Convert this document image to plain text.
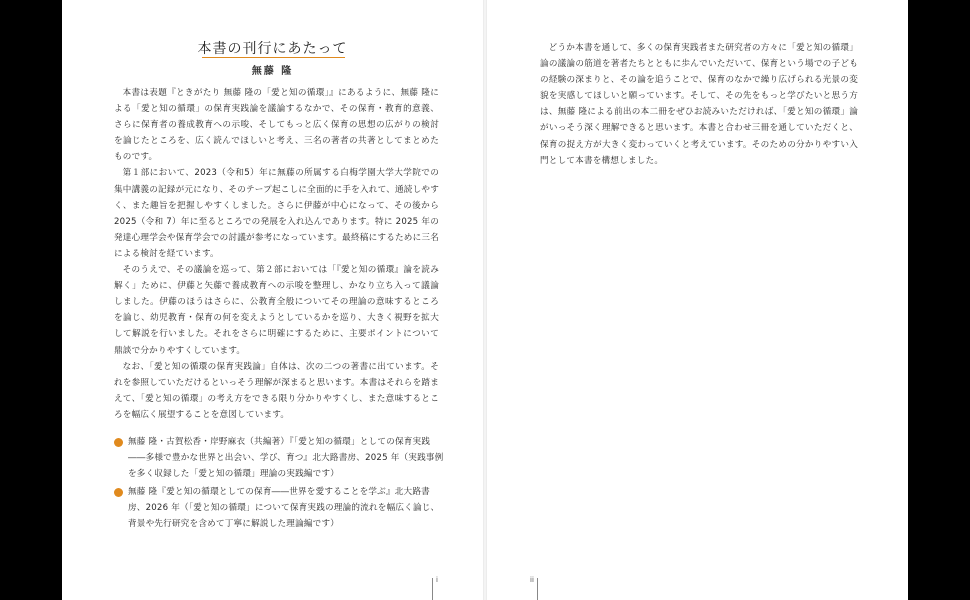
本書の刊行にあたって
無藤 隆

本書は表題『ときがたり 無藤 隆の「愛と知の循環」』にあるように、無藤 隆による「愛と知の循環」の保育実践論を議論するなかで、その保育・教育的意義、さらに保育者の養成教育への示唆、そしてもっと広く保育の思想の広がりの検討を論じたところを、広く読んでほしいと考え、三名の著者の共著としてまとめたものです。

第１部において、2023（令和5）年に無藤の所属する白梅学園大学大学院での集中講義の記録が元になり、そのテープ起こしに全面的に手を入れて、通読しやすく、また趣旨を把握しやすくしました。さらに伊藤が中心になって、その後から 2025（令和 7）年に至るところでの発展を入れ込んであります。特に 2025 年の発達心理学会や保育学会での討議が参考になっています。最終稿にするために三名による検討を経ています。

そのうえで、その議論を巡って、第２部においては「『愛と知の循環』論を読み解く」ために、伊藤と矢藤で養成教育への示唆を整理し、かなり立ち入って議論しました。伊藤のほうはさらに、公教育全般についてその理論の意味するところを論じ、幼児教育・保育の何を変えようとしているかを巡り、大きく視野を拡大して解説を行いました。それをさらに明確にするために、主要ポイントについて鼎談で分かりやすくしています。

なお、「愛と知の循環の保育実践論」自体は、次の二つの著書に出ています。それを参照していただけるといっそう理解が深まると思います。本書はそれらを踏まえて、「愛と知の循環」の考え方をできる限り分かりやすくし、また意味するところを幅広く展望することを意図しています。

無藤 隆・古賀松香・岸野麻衣（共編著）『「愛と知の循環」としての保育実践――多様で豊かな世界と出会い、学び、育つ』北大路書房、2025 年（実践事例を多く収録した「愛と知の循環」理論の実践編です）
無藤 隆『愛と知の循環としての保育――世界を愛することを学ぶ』北大路書房、2026 年（「愛と知の循環」について保育実践の理論的流れを幅広く論じ、背景や先行研究を含めて丁寧に解説した理論編です）
i

どうか本書を通して、多くの保育実践者また研究者の方々に「愛と知の循環」論の議論の筋道を著者たちとともに歩んでいただいて、保育という場での子どもの経験の深まりと、その論を追うことで、保育のなかで繰り広げられる光景の変貌を実感してほしいと願っています。そして、その先をもっと学びたいと思う方は、無藤 隆による前出の本二冊をぜひお読みいただければ、「愛と知の循環」論がいっそう深く理解できると思います。本書と合わせ三冊を通していただくと、保育の捉え方が大きく変わっていくと考えています。そのための分かりやすい入門として本書を構想しました。

ii
